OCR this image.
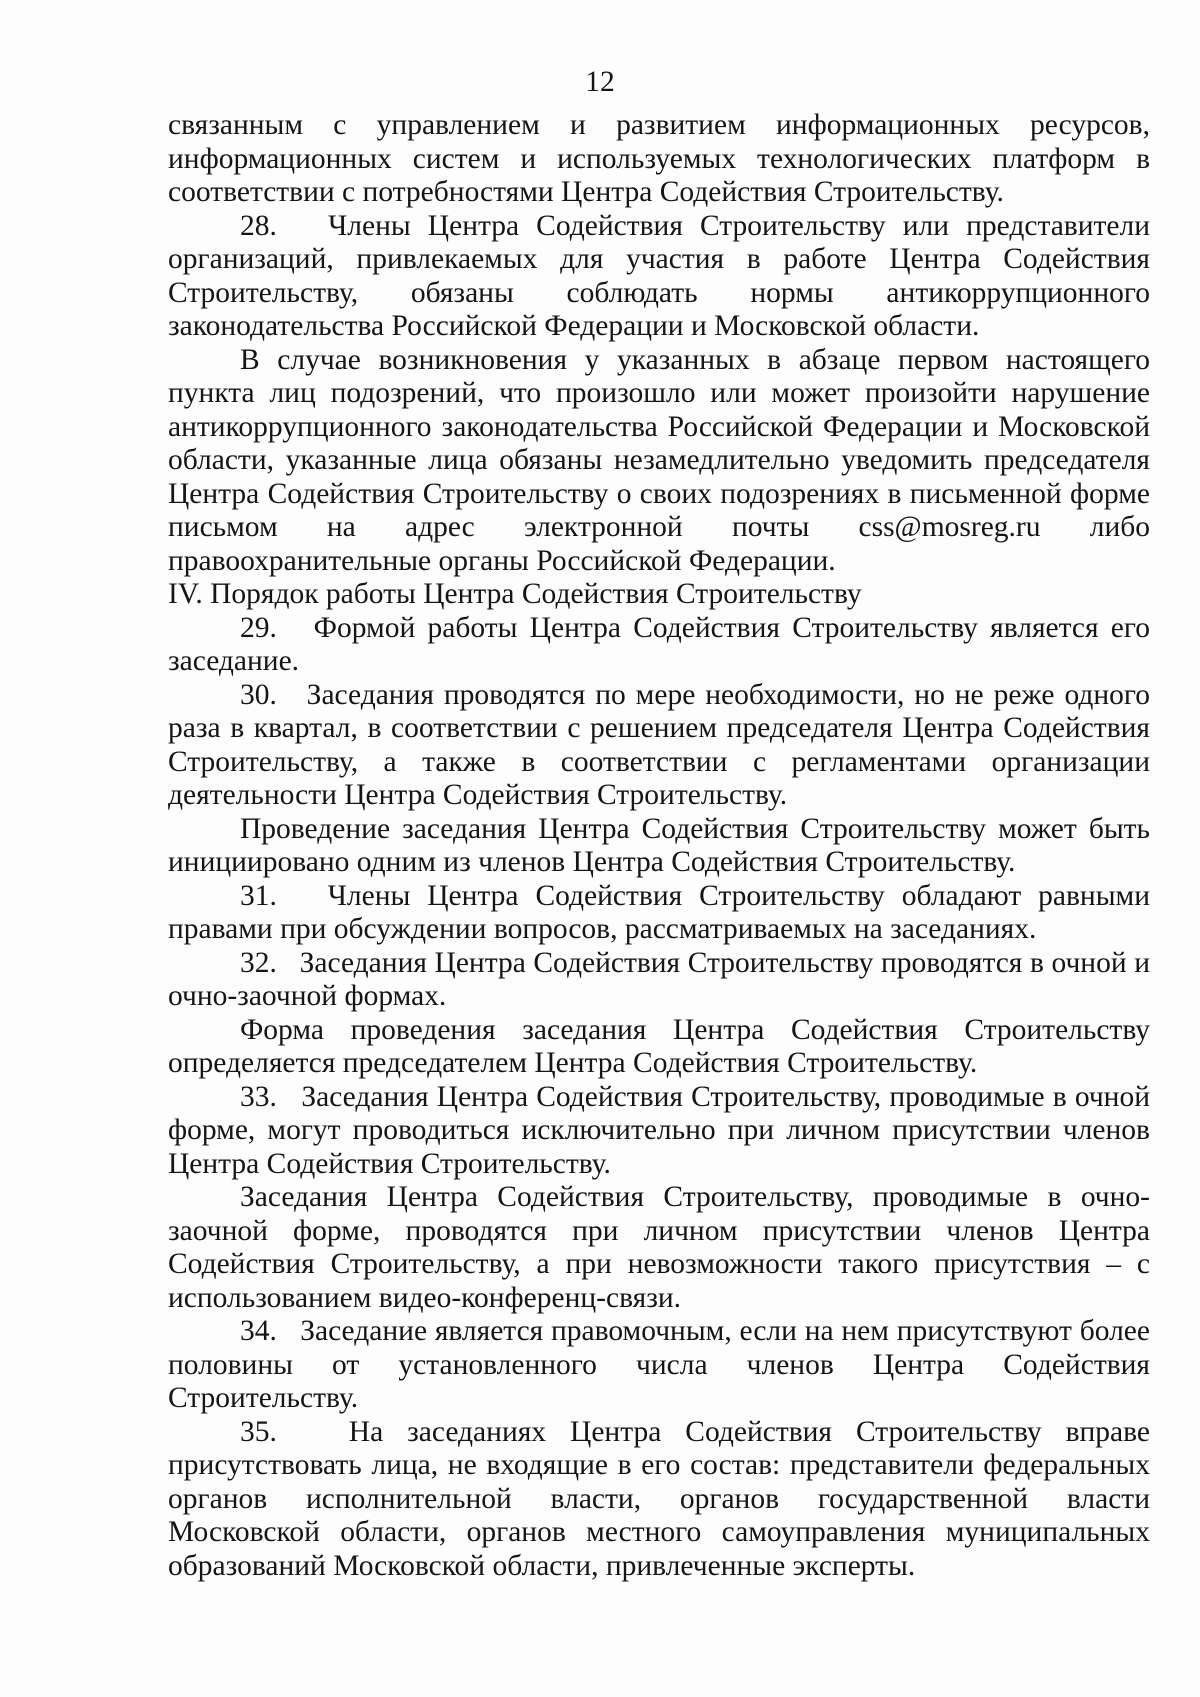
12

связанным с управлением и развитием информационных ресурсов, информационных систем и используемых технологических платформ в соответствии с потребностями Центра Содействия Строительству.

28.   Члены Центра Содействия Строительству или представители организаций, привлекаемых для участия в работе Центра Содействия Строительству, обязаны соблюдать нормы антикоррупционного законодательства Российской Федерации и Московской области.

В случае возникновения у указанных в абзаце первом настоящего пункта лиц подозрений, что произошло или может произойти нарушение антикоррупционного законодательства Российской Федерации и Московской области, указанные лица обязаны незамедлительно уведомить председателя Центра Содействия Строительству о своих подозрениях в письменной форме письмом на адрес электронной почты css@mosreg.ru либо правоохранительные органы Российской Федерации.

IV. Порядок работы Центра Содействия Строительству

29.   Формой работы Центра Содействия Строительству является его заседание.

30.   Заседания проводятся по мере необходимости, но не реже одного раза в квартал, в соответствии с решением председателя Центра Содействия Строительству, а также в соответствии с регламентами организации деятельности Центра Содействия Строительству.

Проведение заседания Центра Содействия Строительству может быть инициировано одним из членов Центра Содействия Строительству.

31.   Члены Центра Содействия Строительству обладают равными правами при обсуждении вопросов, рассматриваемых на заседаниях.

32.   Заседания Центра Содействия Строительству проводятся в очной и очно-заочной формах.

Форма проведения заседания Центра Содействия Строительству определяется председателем Центра Содействия Строительству.

33.   Заседания Центра Содействия Строительству, проводимые в очной форме, могут проводиться исключительно при личном присутствии членов Центра Содействия Строительству.

Заседания Центра Содействия Строительству, проводимые в очно-заочной форме, проводятся при личном присутствии членов Центра Содействия Строительству, а при невозможности такого присутствия – с использованием видео-конференц-связи.

34.   Заседание является правомочным, если на нем присутствуют более половины от установленного числа членов Центра Содействия Строительству.

35.   На заседаниях Центра Содействия Строительству вправе присутствовать лица, не входящие в его состав: представители федеральных органов исполнительной власти, органов государственной власти Московской области, органов местного самоуправления муниципальных образований Московской области, привлеченные эксперты.
